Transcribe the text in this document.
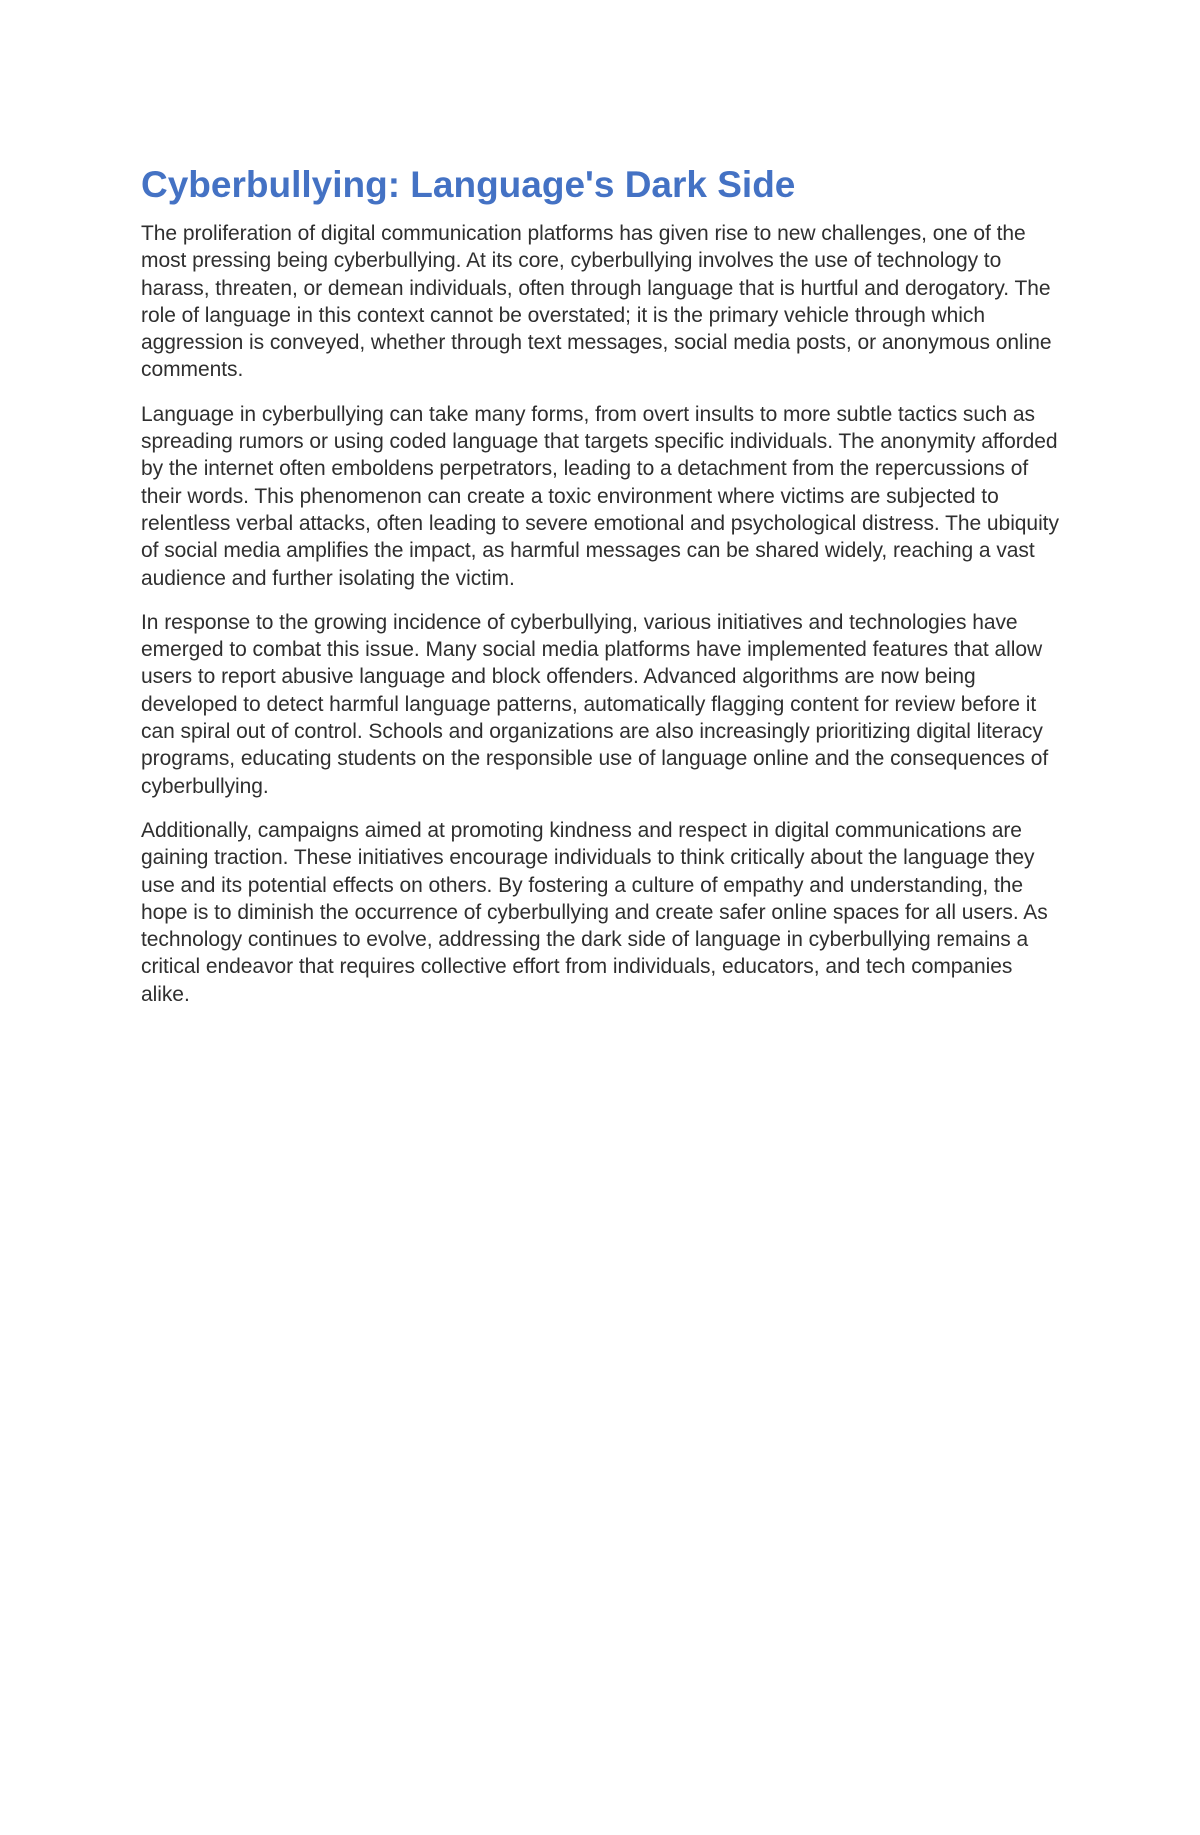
Cyberbullying: Language's Dark Side

The proliferation of digital communication platforms has given rise to new challenges, one of the most pressing being cyberbullying. At its core, cyberbullying involves the use of technology to harass, threaten, or demean individuals, often through language that is hurtful and derogatory. The role of language in this context cannot be overstated; it is the primary vehicle through which aggression is conveyed, whether through text messages, social media posts, or anonymous online comments.

Language in cyberbullying can take many forms, from overt insults to more subtle tactics such as spreading rumors or using coded language that targets specific individuals. The anonymity afforded by the internet often emboldens perpetrators, leading to a detachment from the repercussions of their words. This phenomenon can create a toxic environment where victims are subjected to relentless verbal attacks, often leading to severe emotional and psychological distress. The ubiquity of social media amplifies the impact, as harmful messages can be shared widely, reaching a vast audience and further isolating the victim.

In response to the growing incidence of cyberbullying, various initiatives and technologies have emerged to combat this issue. Many social media platforms have implemented features that allow users to report abusive language and block offenders. Advanced algorithms are now being developed to detect harmful language patterns, automatically flagging content for review before it can spiral out of control. Schools and organizations are also increasingly prioritizing digital literacy programs, educating students on the responsible use of language online and the consequences of cyberbullying.

Additionally, campaigns aimed at promoting kindness and respect in digital communications are gaining traction. These initiatives encourage individuals to think critically about the language they use and its potential effects on others. By fostering a culture of empathy and understanding, the hope is to diminish the occurrence of cyberbullying and create safer online spaces for all users. As technology continues to evolve, addressing the dark side of language in cyberbullying remains a critical endeavor that requires collective effort from individuals, educators, and tech companies alike.
